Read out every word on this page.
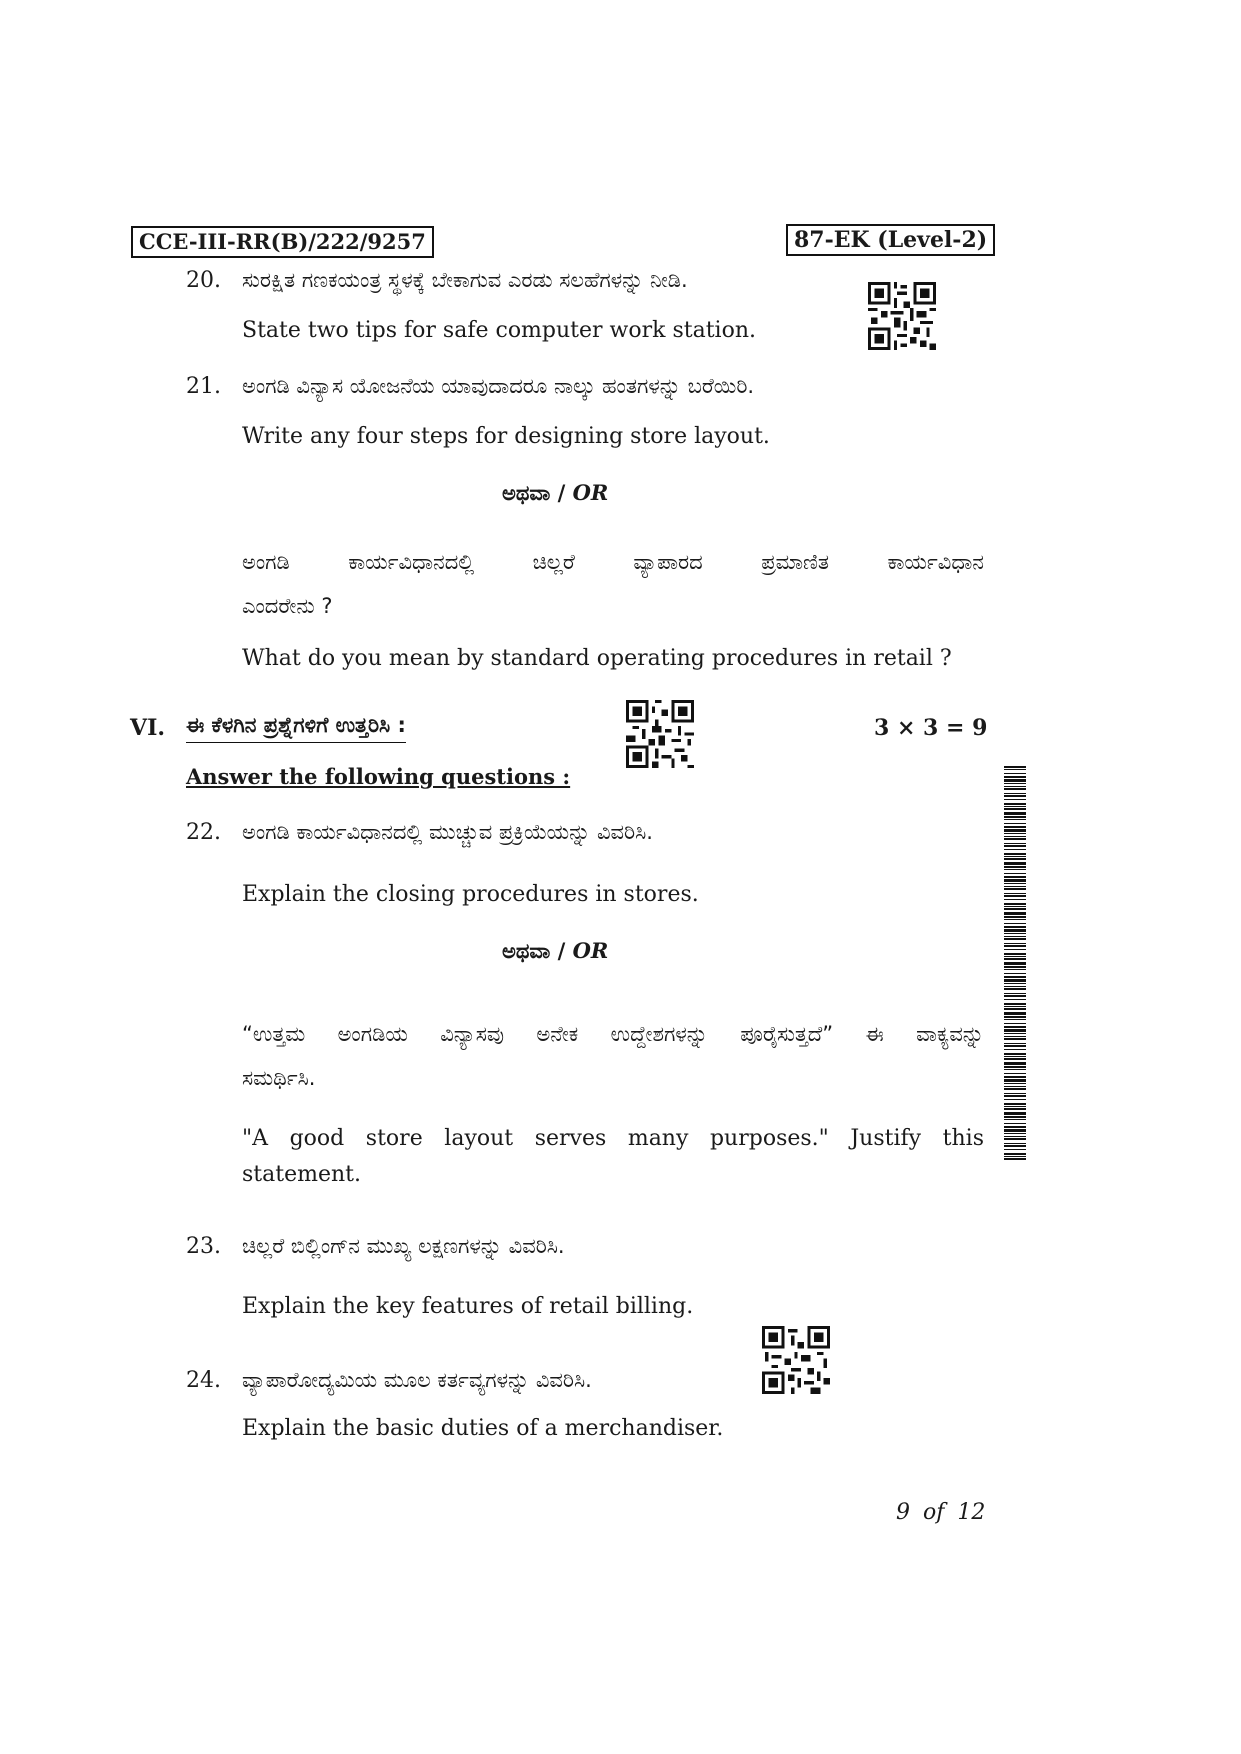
CCE-III-RR(B)/222/9257	87-EK (Level-2)
20. ಸುರಕ್ಷಿತ ಗಣಕಯಂತ್ರ ಸ್ಥಳಕ್ಕೆ ಬೇಕಾಗುವ ಎರಡು ಸಲಹೆಗಳನ್ನು ನೀಡಿ.
State two tips for safe computer work station.
21. ಅಂಗಡಿ ವಿನ್ಯಾಸ ಯೋಜನೆಯ ಯಾವುದಾದರೂ ನಾಲ್ಕು ಹಂತಗಳನ್ನು ಬರೆಯಿರಿ.
Write any four steps for designing store layout.
ಅಥವಾ / OR
ಅಂಗಡಿ ಕಾರ್ಯವಿಧಾನದಲ್ಲಿ ಚಿಲ್ಲರೆ ವ್ಯಾಪಾರದ ಪ್ರಮಾಣಿತ ಕಾರ್ಯವಿಧಾನ
ಎಂದರೇನು ?
What do you mean by standard operating procedures in retail ?
VI. ಈ ಕೆಳಗಿನ ಪ್ರಶ್ನೆಗಳಿಗೆ ಉತ್ತರಿಸಿ :	3 × 3 = 9
Answer the following questions :
22. ಅಂಗಡಿ ಕಾರ್ಯವಿಧಾನದಲ್ಲಿ ಮುಚ್ಚುವ ಪ್ರಕ್ರಿಯೆಯನ್ನು ವಿವರಿಸಿ.
Explain the closing procedures in stores.
ಅಥವಾ / OR
“ಉತ್ತಮ ಅಂಗಡಿಯ ವಿನ್ಯಾಸವು ಅನೇಕ ಉದ್ದೇಶಗಳನ್ನು ಪೂರೈಸುತ್ತದೆ” ಈ ವಾಕ್ಯವನ್ನು
ಸಮರ್ಥಿಸಿ.
"A good store layout serves many purposes." Justify this
statement.
23. ಚಿಲ್ಲರೆ ಬಿಲ್ಲಿಂಗ್‌ನ ಮುಖ್ಯ ಲಕ್ಷಣಗಳನ್ನು ವಿವರಿಸಿ.
Explain the key features of retail billing.
24. ವ್ಯಾಪಾರೋದ್ಯಮಿಯ ಮೂಲ ಕರ್ತವ್ಯಗಳನ್ನು ವಿವರಿಸಿ.
Explain the basic duties of a merchandiser.
9 of 12
